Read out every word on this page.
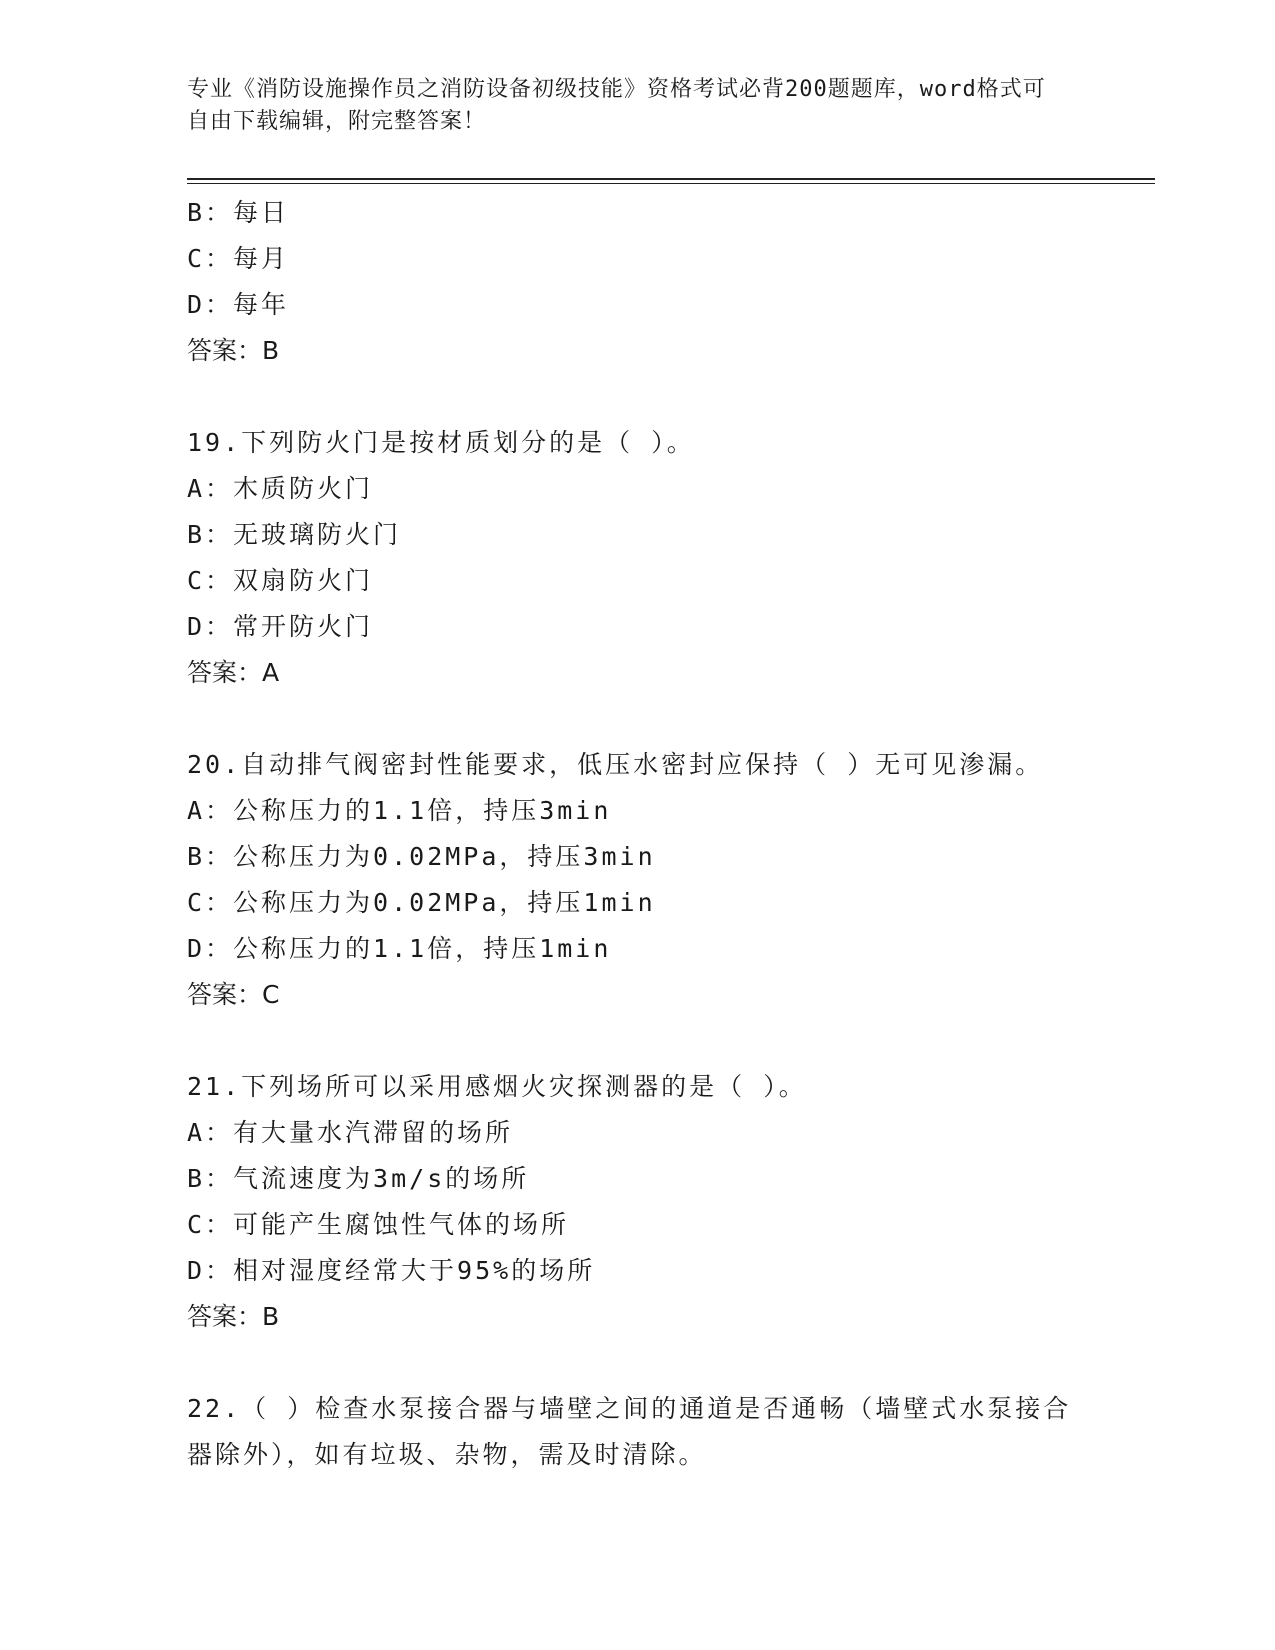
专业《消防设施操作员之消防设备初级技能》资格考试必背200题题库，word格式可自由下载编辑，附完整答案！
B：每日
C：每月
D：每年
答案：B
19.下列防火门是按材质划分的是（ ）。
A：木质防火门
B：无玻璃防火门
C：双扇防火门
D：常开防火门
答案：A
20.自动排气阀密封性能要求，低压水密封应保持（ ）无可见渗漏。
A：公称压力的1.1倍，持压3min
B：公称压力为0.02MPa，持压3min
C：公称压力为0.02MPa，持压1min
D：公称压力的1.1倍，持压1min
答案：C
21.下列场所可以采用感烟火灾探测器的是（ ）。
A：有大量水汽滞留的场所
B：气流速度为3m/s的场所
C：可能产生腐蚀性气体的场所
D：相对湿度经常大于95%的场所
答案：B
22.（ ）检查水泵接合器与墙壁之间的通道是否通畅（墙壁式水泵接合器除外），如有垃圾、杂物，需及时清除。
